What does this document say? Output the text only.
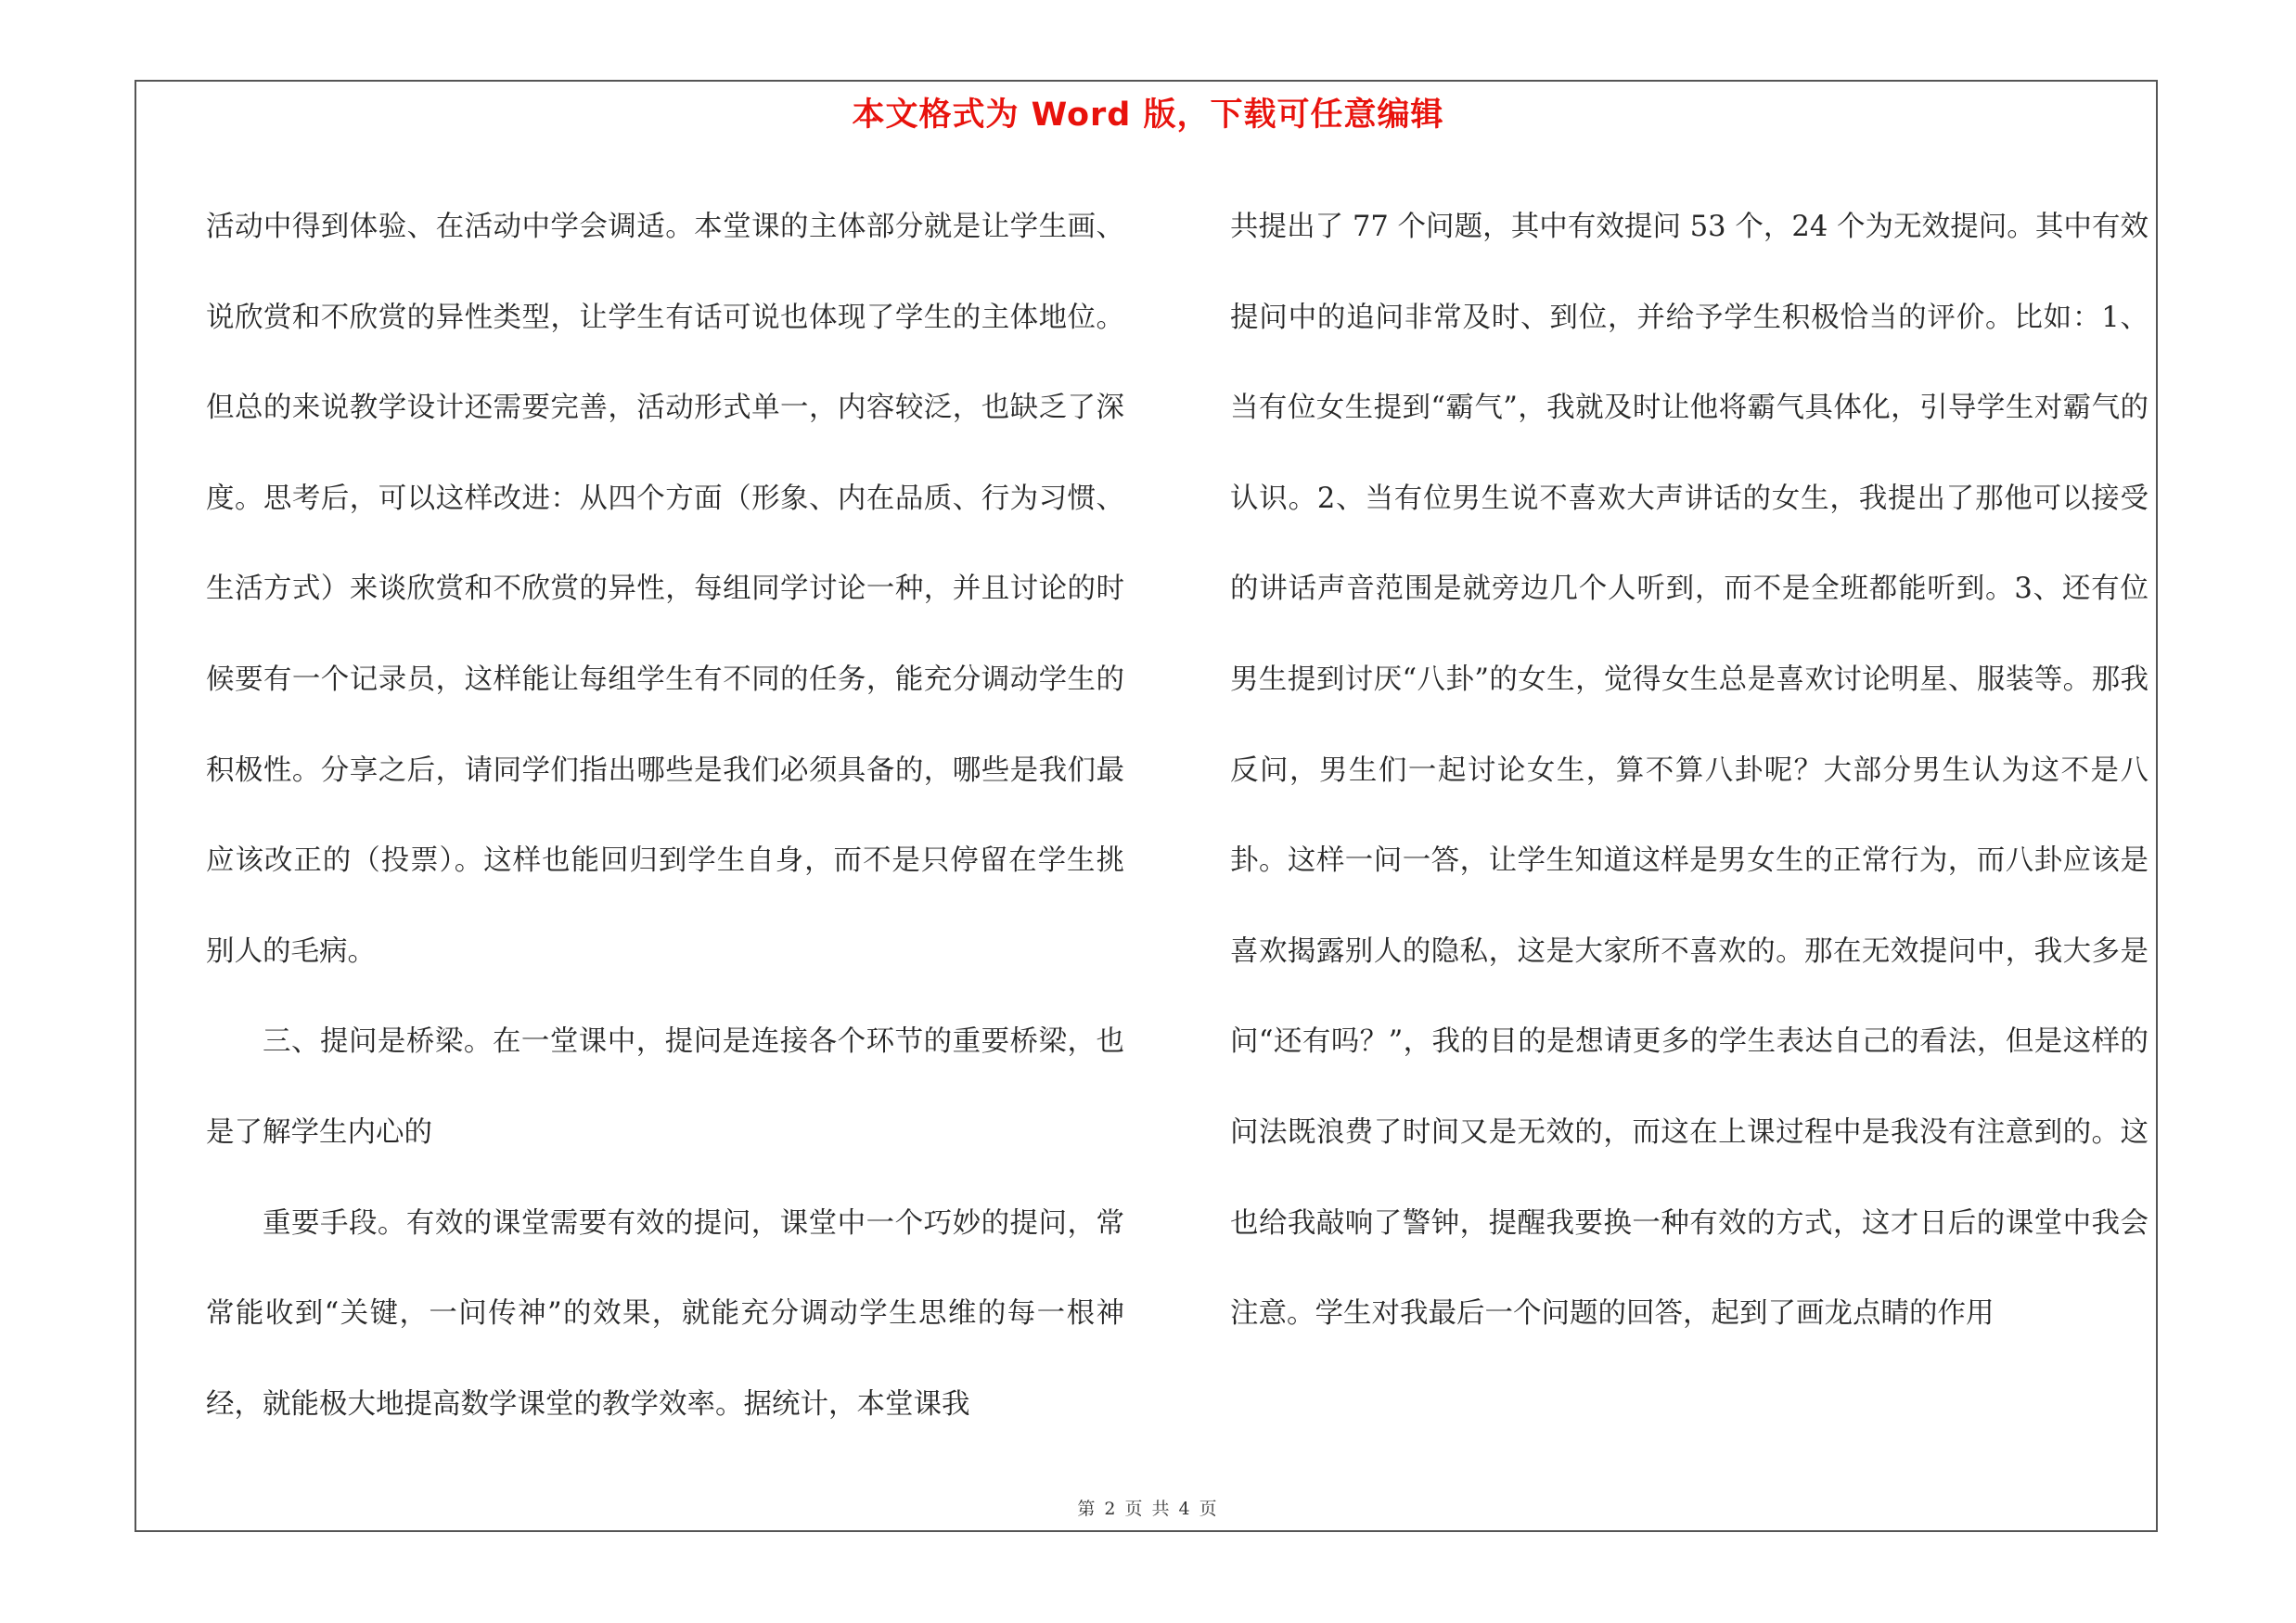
本文格式为 Word 版，下载可任意编辑

活动中得到体验、在活动中学会调适。本堂课的主体部分就是让学生画、说欣赏和不欣赏的异性类型，让学生有话可说也体现了学生的主体地位。但总的来说教学设计还需要完善，活动形式单一，内容较泛，也缺乏了深度。思考后，可以这样改进：从四个方面（形象、内在品质、行为习惯、生活方式）来谈欣赏和不欣赏的异性，每组同学讨论一种，并且讨论的时候要有一个记录员，这样能让每组学生有不同的任务，能充分调动学生的积极性。分享之后，请同学们指出哪些是我们必须具备的，哪些是我们最应该改正的（投票）。这样也能回归到学生自身，而不是只停留在学生挑别人的毛病。

三、提问是桥梁。在一堂课中，提问是连接各个环节的重要桥梁，也是了解学生内心的

重要手段。有效的课堂需要有效的提问，课堂中一个巧妙的提问，常常能收到“关键，一问传神”的效果，就能充分调动学生思维的每一根神经，就能极大地提高数学课堂的教学效率。据统计，本堂课我

共提出了 77 个问题，其中有效提问 53 个，24 个为无效提问。其中有效提问中的追问非常及时、到位，并给予学生积极恰当的评价。比如：1、当有位女生提到“霸气”，我就及时让他将霸气具体化，引导学生对霸气的认识。2、当有位男生说不喜欢大声讲话的女生，我提出了那他可以接受的讲话声音范围是就旁边几个人听到，而不是全班都能听到。3、还有位男生提到讨厌“八卦”的女生，觉得女生总是喜欢讨论明星、服装等。那我反问，男生们一起讨论女生，算不算八卦呢？大部分男生认为这不是八卦。这样一问一答，让学生知道这样是男女生的正常行为，而八卦应该是喜欢揭露别人的隐私，这是大家所不喜欢的。那在无效提问中，我大多是问“还有吗？”，我的目的是想请更多的学生表达自己的看法，但是这样的问法既浪费了时间又是无效的，而这在上课过程中是我没有注意到的。这也给我敲响了警钟，提醒我要换一种有效的方式，这才日后的课堂中我会注意。学生对我最后一个问题的回答，起到了画龙点睛的作用

第 2 页 共 4 页
